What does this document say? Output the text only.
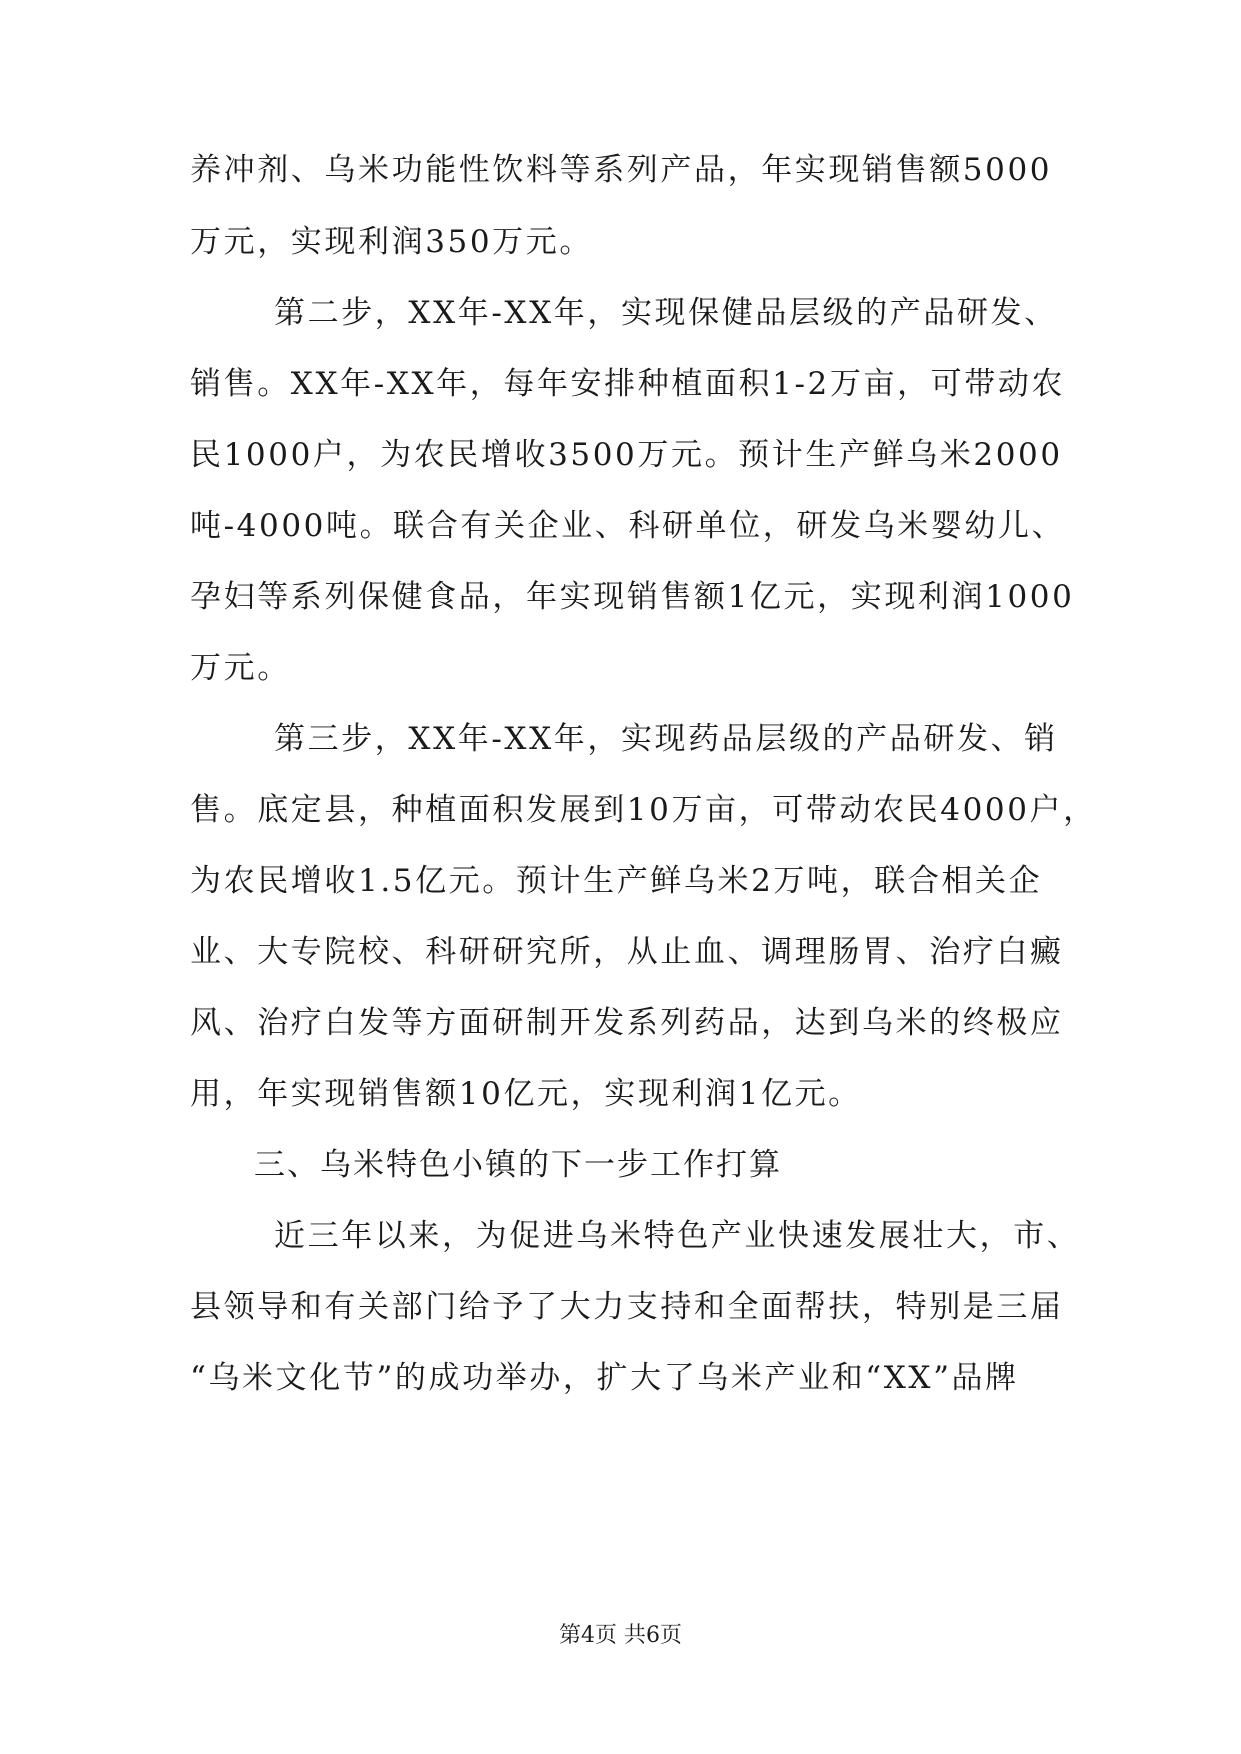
养冲剂、乌米功能性饮料等系列产品，年实现销售额5000
万元，实现利润350万元。
第二步，XX年-XX年，实现保健品层级的产品研发、
销售。XX年-XX年，每年安排种植面积1-2万亩，可带动农
民1000户，为农民增收3500万元。预计生产鲜乌米2000
吨-4000吨。联合有关企业、科研单位，研发乌米婴幼儿、
孕妇等系列保健食品，年实现销售额1亿元，实现利润1000
万元。
第三步，XX年-XX年，实现药品层级的产品研发、销
售。底定县，种植面积发展到10万亩，可带动农民4000户，
为农民增收1.5亿元。预计生产鲜乌米2万吨，联合相关企
业、大专院校、科研研究所，从止血、调理肠胃、治疗白癜
风、治疗白发等方面研制开发系列药品，达到乌米的终极应
用，年实现销售额10亿元，实现利润1亿元。
三、乌米特色小镇的下一步工作打算
近三年以来，为促进乌米特色产业快速发展壮大，市、
县领导和有关部门给予了大力支持和全面帮扶，特别是三届
“乌米文化节”的成功举办，扩大了乌米产业和“XX”品牌
第4页 共6页
